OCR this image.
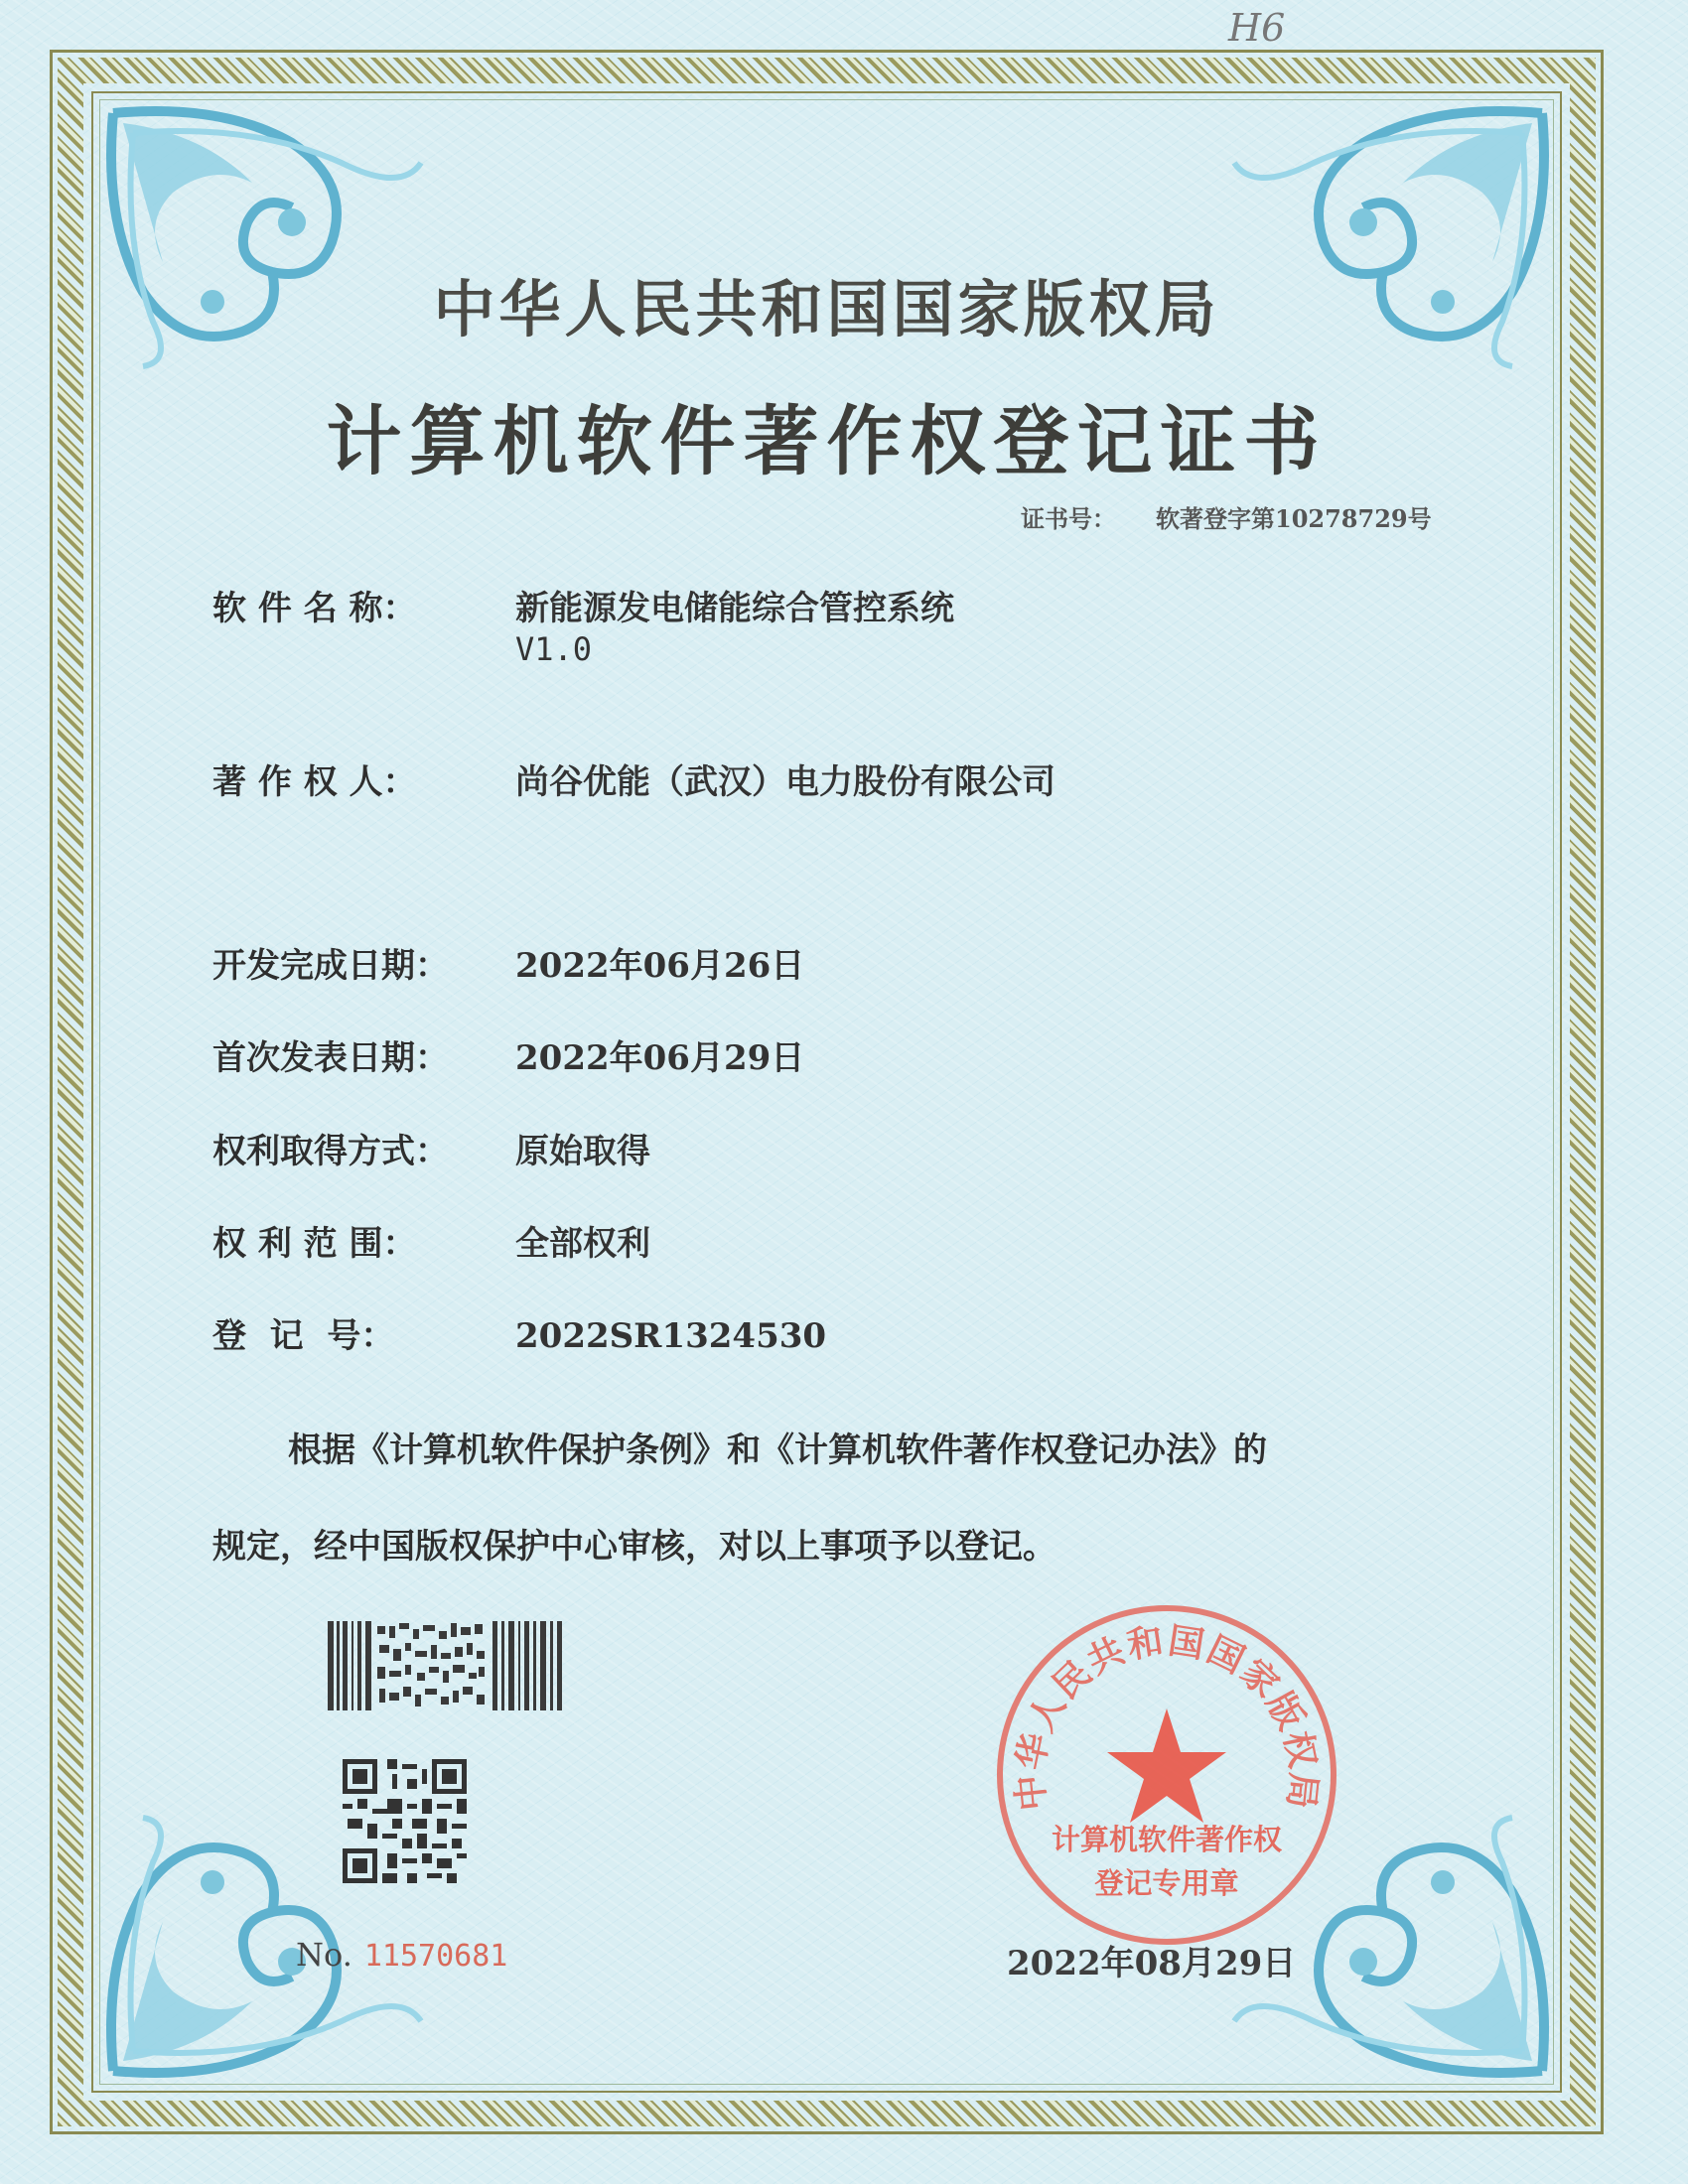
H6
中华人民共和国国家版权局
计算机软件著作权登记证书
证书号： 软著登字第10278729号
软 件 名 称：	新能源发电储能综合管控系统
V1.0
著 作 权 人：	尚谷优能（武汉）电力股份有限公司
开发完成日期： 2022年06月26日
首次发表日期： 2022年06月29日
权利取得方式： 原始取得
权 利 范 围：	全部权利
登  记  号：	2022SR1324530
根据《计算机软件保护条例》和《计算机软件著作权登记办法》的
规定，经中国版权保护中心审核，对以上事项予以登记。
No. 11570681
中华人民共和国国家版权局
计算机软件著作权
登记专用章
2022年08月29日
